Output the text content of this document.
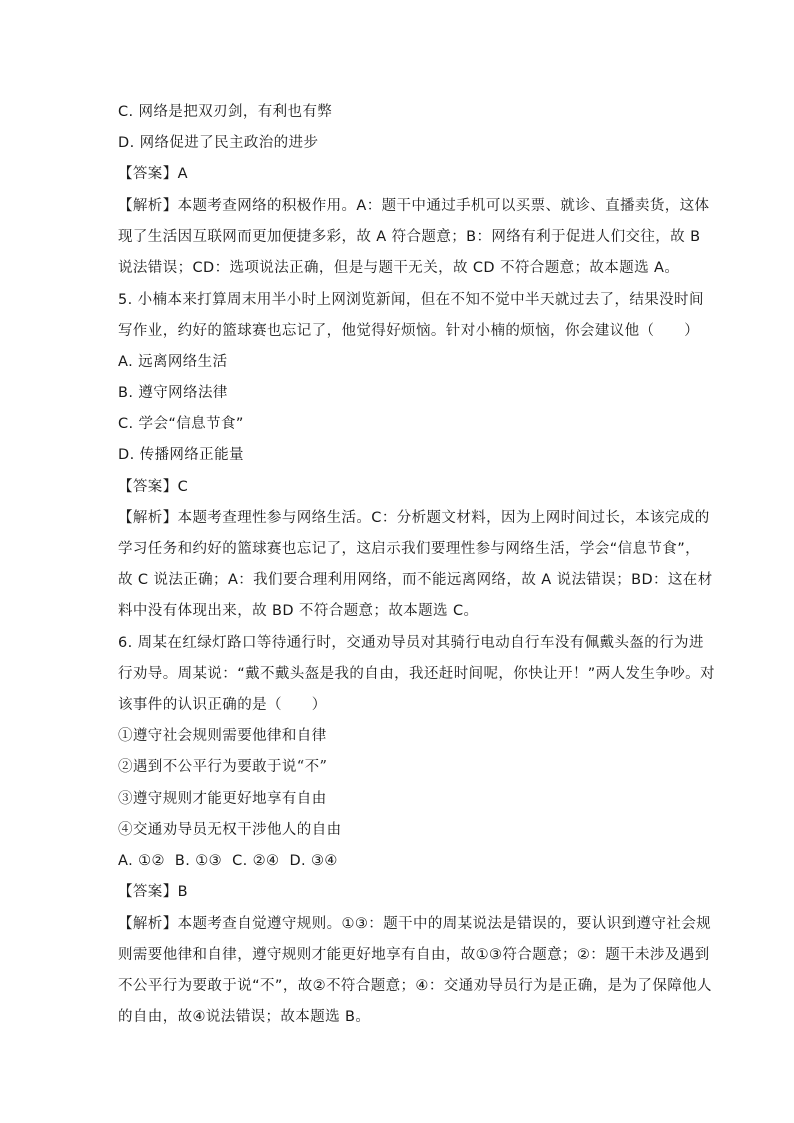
C. 网络是把双刃剑，有利也有弊
D. 网络促进了民主政治的进步
【答案】A
【解析】本题考查网络的积极作用。A：题干中通过手机可以买票、就诊、直播卖货，这体
现了生活因互联网而更加便捷多彩，故 A 符合题意；B：网络有利于促进人们交往，故 B
说法错误；CD：选项说法正确，但是与题干无关，故 CD 不符合题意；故本题选 A。
5. 小楠本来打算周末用半小时上网浏览新闻，但在不知不觉中半天就过去了，结果没时间
写作业，约好的篮球赛也忘记了，他觉得好烦恼。针对小楠的烦恼，你会建议他（　　）
A. 远离网络生活
B. 遵守网络法律
C. 学会“信息节食”
D. 传播网络正能量
【答案】C
【解析】本题考查理性参与网络生活。C：分析题文材料，因为上网时间过长，本该完成的
学习任务和约好的篮球赛也忘记了，这启示我们要理性参与网络生活，学会“信息节食”，
故 C 说法正确；A：我们要合理利用网络，而不能远离网络，故 A 说法错误；BD：这在材
料中没有体现出来，故 BD 不符合题意；故本题选 C。
6. 周某在红绿灯路口等待通行时，交通劝导员对其骑行电动自行车没有佩戴头盔的行为进
行劝导。周某说：“戴不戴头盔是我的自由，我还赶时间呢，你快让开！”两人发生争吵。对
该事件的认识正确的是（　　）
①遵守社会规则需要他律和自律
②遇到不公平行为要敢于说“不”
③遵守规则才能更好地享有自由
④交通劝导员无权干涉他人的自由
A. ①②  B. ①③  C. ②④  D. ③④
【答案】B
【解析】本题考查自觉遵守规则。①③：题干中的周某说法是错误的，要认识到遵守社会规
则需要他律和自律，遵守规则才能更好地享有自由，故①③符合题意；②：题干未涉及遇到
不公平行为要敢于说“不”，故②不符合题意；④：交通劝导员行为是正确，是为了保障他人
的自由，故④说法错误；故本题选 B。
